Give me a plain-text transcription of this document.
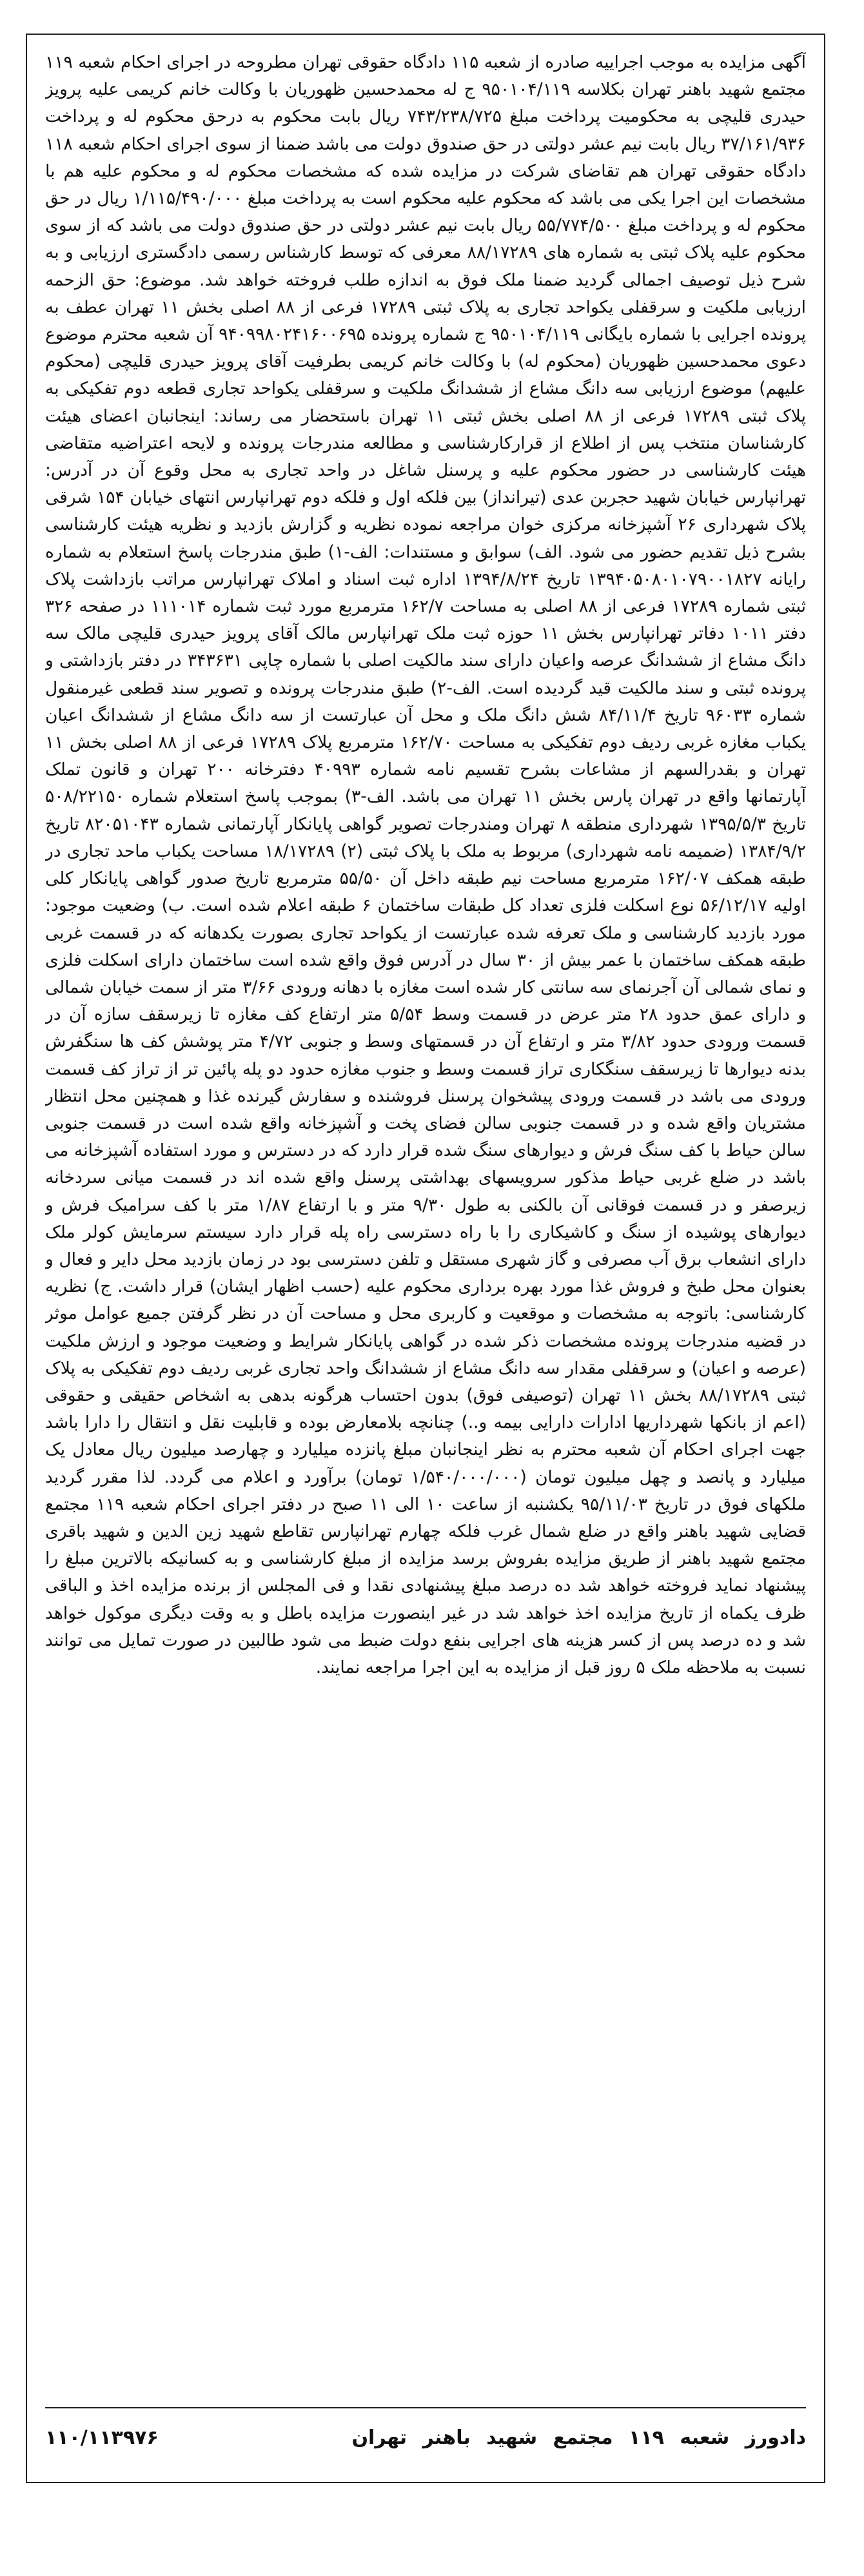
آگهی مزایده به موجب اجراییه صادره از شعبه ۱۱۵ دادگاه حقوقی تهران مطروحه در اجرای احکام شعبه ۱۱۹ مجتمع شهید باهنر تهران بکلاسه ۹۵۰۱۰۴/۱۱۹ ج له محمدحسین ظهوریان با وکالت خانم کریمی علیه پرویز حیدری قلیچی به محکومیت پرداخت مبلغ ۷۴۳/۲۳۸/۷۲۵ ریال بابت محکوم به درحق محکوم له و پرداخت ۳۷/۱۶۱/۹۳۶ ریال بابت نیم عشر دولتی در حق صندوق دولت می باشد ضمنا از سوی اجرای احکام شعبه ۱۱۸ دادگاه حقوقی تهران هم تقاضای شرکت در مزایده شده که مشخصات محکوم له و محکوم علیه هم با مشخصات این اجرا یکی می باشد که محکوم علیه محکوم است به پرداخت مبلغ ۱/۱۱۵/۴۹۰/۰۰۰ ریال در حق محکوم له و پرداخت مبلغ ۵۵/۷۷۴/۵۰۰ ریال بابت نیم عشر دولتی در حق صندوق دولت می باشد که از سوی محکوم علیه پلاک ثبتی به شماره های ۸۸/۱۷۲۸۹ معرفی که توسط کارشناس رسمی دادگستری ارزیابی و به شرح ذیل توصیف اجمالی گردید ضمنا ملک فوق به اندازه طلب فروخته خواهد شد. موضوع: حق الزحمه ارزیابی ملکیت و سرقفلی یکواحد تجاری به پلاک ثبتی ۱۷۲۸۹ فرعی از ۸۸ اصلی بخش ۱۱ تهران عطف به پرونده اجرایی با شماره بایگانی ۹۵۰۱۰۴/۱۱۹ ج شماره پرونده ۹۴۰۹۹۸۰۲۴۱۶۰۰۶۹۵ آن شعبه محترم موضوع دعوی محمدحسین ظهوریان (محکوم له) با وکالت خانم کریمی بطرفیت آقای پرویز حیدری قلیچی (محکوم علیهم) موضوع ارزیابی سه دانگ مشاع از ششدانگ ملکیت و سرقفلی یکواحد تجاری قطعه دوم تفکیکی به پلاک ثبتی ۱۷۲۸۹ فرعی از ۸۸ اصلی بخش ثبتی ۱۱ تهران باستحضار می رساند: اینجانبان اعضای هیئت کارشناسان منتخب پس از اطلاع از قرارکارشناسی و مطالعه مندرجات پرونده و لایحه اعتراضیه متقاضی هیئت کارشناسی در حضور محکوم علیه و پرسنل شاغل در واحد تجاری به محل وقوع آن در آدرس: تهرانپارس خیابان شهید حجربن عدی (تیرانداز) بین فلکه اول و فلکه دوم تهرانپارس انتهای خیابان ۱۵۴ شرقی پلاک شهرداری ۲۶ آشپزخانه مرکزی خوان مراجعه نموده نظریه و گزارش بازدید و نظریه هیئت کارشناسی بشرح ذیل تقدیم حضور می شود. الف) سوابق و مستندات: الف-۱) طبق مندرجات پاسخ استعلام به شماره رایانه ۱۳۹۴۰۵۰۸۰۱۰۷۹۰۰۱۸۲۷ تاریخ ۱۳۹۴/۸/۲۴ اداره ثبت اسناد و املاک تهرانپارس مراتب بازداشت پلاک ثبتی شماره ۱۷۲۸۹ فرعی از ۸۸ اصلی به مساحت ۱۶۲/۷ مترمربع مورد ثبت شماره ۱۱۱۰۱۴ در صفحه ۳۲۶ دفتر ۱۰۱۱ دفاتر تهرانپارس بخش ۱۱ حوزه ثبت ملک تهرانپارس مالک آقای پرویز حیدری قلیچی مالک سه دانگ مشاع از ششدانگ عرصه واعیان دارای سند مالکیت اصلی با شماره چاپی ۳۴۳۶۳۱ در دفتر بازداشتی و پرونده ثبتی و سند مالکیت قید گردیده است. الف-۲) طبق مندرجات پرونده و تصویر سند قطعی غیرمنقول شماره ۹۶۰۳۳ تاریخ ۸۴/۱۱/۴ شش دانگ ملک و محل آن عبارتست از سه دانگ مشاع از ششدانگ اعیان یکباب مغازه غربی ردیف دوم تفکیکی به مساحت ۱۶۲/۷۰ مترمربع پلاک ۱۷۲۸۹ فرعی از ۸۸ اصلی بخش ۱۱ تهران و بقدرالسهم از مشاعات بشرح تقسیم نامه شماره ۴۰۹۹۳ دفترخانه ۲۰۰ تهران و قانون تملک آپارتمانها واقع در تهران پارس بخش ۱۱ تهران می باشد. الف-۳) بموجب پاسخ استعلام شماره ۵۰۸/۲۲۱۵۰ تاریخ ۱۳۹۵/۵/۳ شهرداری منطقه ۸ تهران ومندرجات تصویر گواهی پایانکار آپارتمانی شماره ۸۲۰۵۱۰۴۳ تاریخ ۱۳۸۴/۹/۲ (ضمیمه نامه شهرداری) مربوط به ملک با پلاک ثبتی (۲) ۱۸/۱۷۲۸۹ مساحت یکباب ماحد تجاری در طبقه همکف ۱۶۲/۰۷ مترمربع مساحت نیم طبقه داخل آن ۵۵/۵۰ مترمربع تاریخ صدور گواهی پایانکار کلی اولیه ۵۶/۱۲/۱۷ نوع اسکلت فلزی تعداد کل طبقات ساختمان ۶ طبقه اعلام شده است. ب) وضعیت موجود: مورد بازدید کارشناسی و ملک تعرفه شده عبارتست از یکواحد تجاری بصورت یکدهانه که در قسمت غربی طبقه همکف ساختمان با عمر بیش از ۳۰ سال در آدرس فوق واقع شده است ساختمان دارای اسکلت فلزی و نمای شمالی آن آجرنمای سه سانتی کار شده است مغازه با دهانه ورودی ۳/۶۶ متر از سمت خیابان شمالی و دارای عمق حدود ۲۸ متر عرض در قسمت وسط ۵/۵۴ متر ارتفاع کف مغازه تا زیرسقف سازه آن در قسمت ورودی حدود ۳/۸۲ متر و ارتفاع آن در قسمتهای وسط و جنوبی ۴/۷۲ متر پوشش کف ها سنگفرش بدنه دیوارها تا زیرسقف سنگکاری تراز قسمت وسط و جنوب مغازه حدود دو پله پائین تر از تراز کف قسمت ورودی می باشد در قسمت ورودی پیشخوان پرسنل فروشنده و سفارش گیرنده غذا و همچنین محل انتظار مشتریان واقع شده و در قسمت جنوبی سالن فضای پخت و آشپزخانه واقع شده است در قسمت جنوبی سالن حیاط با کف سنگ فرش و دیوارهای سنگ شده قرار دارد که در دسترس و مورد استفاده آشپزخانه می باشد در ضلع غربی حیاط مذکور سرویسهای بهداشتی پرسنل واقع شده اند در قسمت میانی سردخانه زیرصفر و در قسمت فوقانی آن بالکنی به طول ۹/۳۰ متر و با ارتفاع ۱/۸۷ متر با کف سرامیک فرش و دیوارهای پوشیده از سنگ و کاشیکاری را با راه دسترسی راه پله قرار دارد سیستم سرمایش کولر ملک دارای انشعاب برق آب مصرفی و گاز شهری مستقل و تلفن دسترسی بود در زمان بازدید محل دایر و فعال و بعنوان محل طبخ و فروش غذا مورد بهره برداری محکوم علیه (حسب اظهار ایشان) قرار داشت. ج) نظریه کارشناسی: باتوجه به مشخصات و موقعیت و کاربری محل و مساحت آن در نظر گرفتن جمیع عوامل موثر در قضیه مندرجات پرونده مشخصات ذکر شده در گواهی پایانکار شرایط و وضعیت موجود و ارزش ملکیت (عرصه و اعیان) و سرقفلی مقدار سه دانگ مشاع از ششدانگ واحد تجاری غربی ردیف دوم تفکیکی به پلاک ثبتی ۸۸/۱۷۲۸۹ بخش ۱۱ تهران (توصیفی فوق) بدون احتساب هرگونه بدهی به اشخاص حقیقی و حقوقی (اعم از بانکها شهرداریها ادارات دارایی بیمه و..) چنانچه بلامعارض بوده و قابلیت نقل و انتقال را دارا باشد جهت اجرای احکام آن شعبه محترم به نظر اینجانبان مبلغ پانزده میلیارد و چهارصد میلیون ریال معادل یک میلیارد و پانصد و چهل میلیون تومان (۱/۵۴۰/۰۰۰/۰۰۰ تومان) برآورد و اعلام می گردد. لذا مقرر گردید ملکهای فوق در تاریخ ۹۵/۱۱/۰۳ یکشنبه از ساعت ۱۰ الی ۱۱ صبح در دفتر اجرای احکام شعبه ۱۱۹ مجتمع قضایی شهید باهنر واقع در ضلع شمال غرب فلکه چهارم تهرانپارس تقاطع شهید زین الدین و شهید باقری مجتمع شهید باهنر از طریق مزایده بفروش برسد مزایده از مبلغ کارشناسی و به کسانیکه بالاترین مبلغ را پیشنهاد نماید فروخته خواهد شد ده درصد مبلغ پیشنهادی نقدا و فی المجلس از برنده مزایده اخذ و الباقی ظرف یکماه از تاریخ مزایده اخذ خواهد شد در غیر اینصورت مزایده باطل و به وقت دیگری موکول خواهد شد و ده درصد پس از کسر هزینه های اجرایی بنفع دولت ضبط می شود طالبین در صورت تمایل می توانند نسبت به ملاحظه ملک ۵ روز قبل از مزایده به این اجرا مراجعه نمایند.

دادورز شعبه ۱۱۹ مجتمع شهید باهنر تهران
۱۱۰/۱۱۳۹۷۶
